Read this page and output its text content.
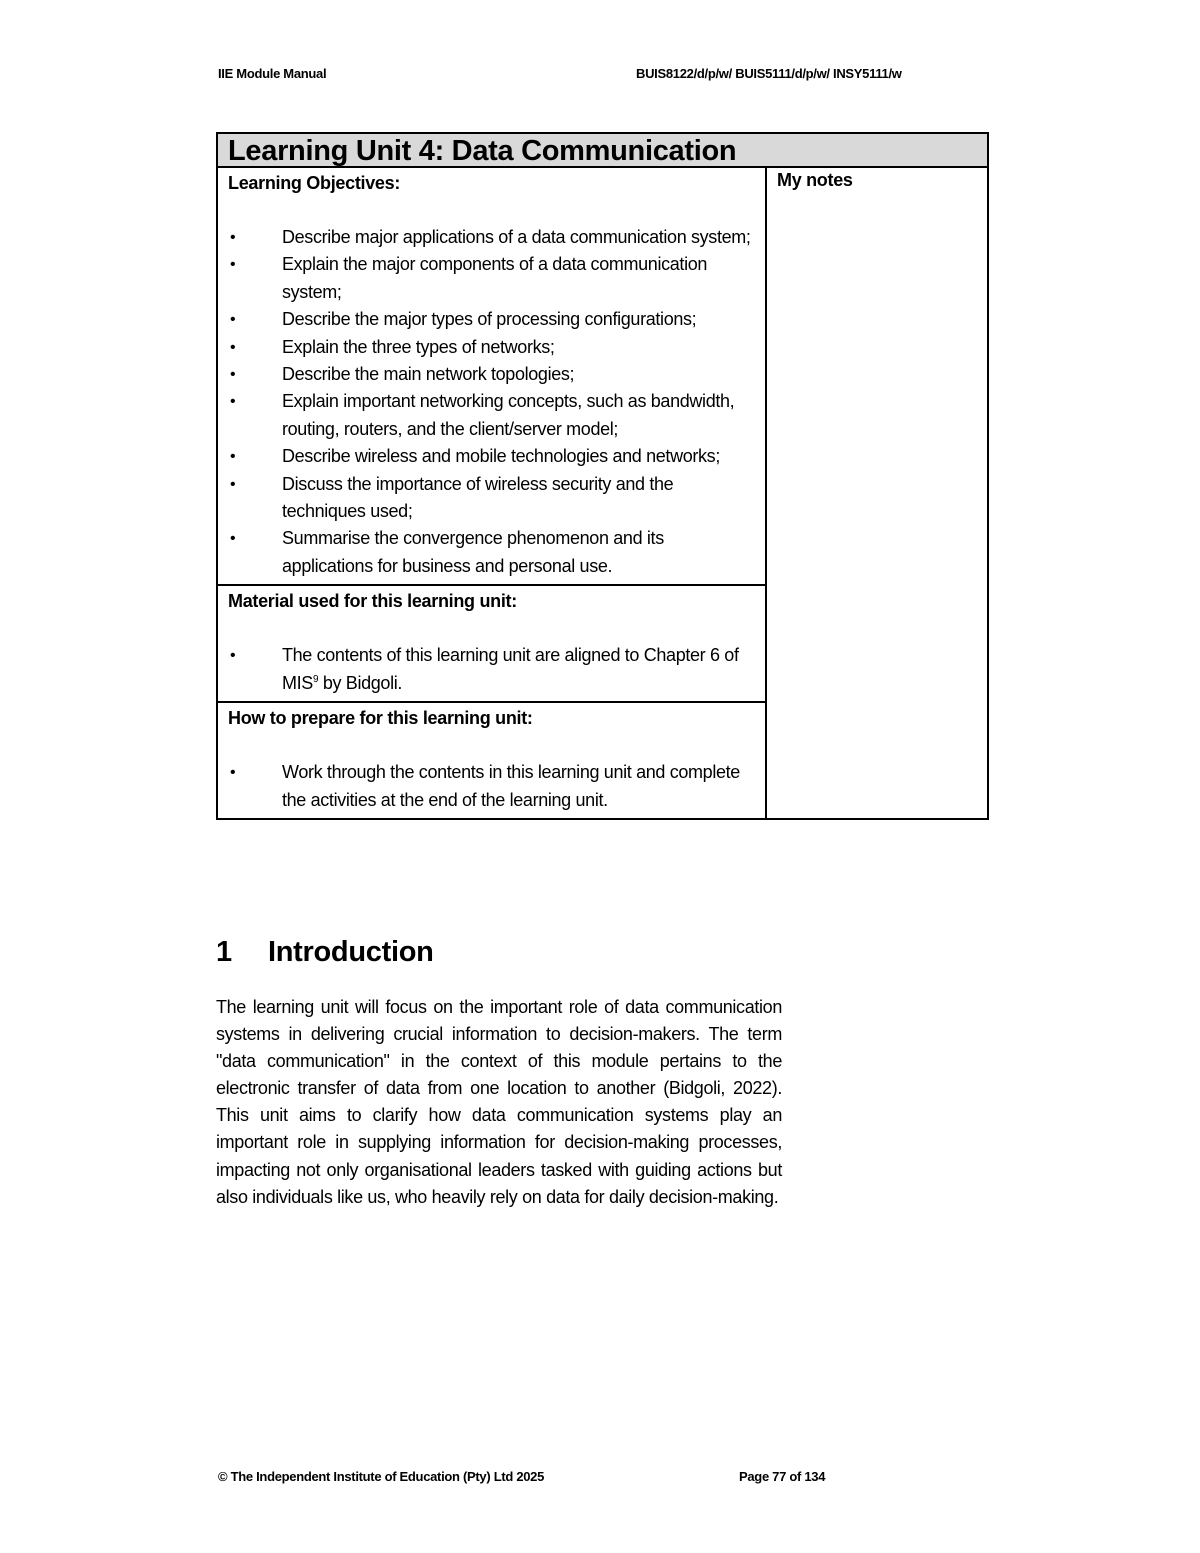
IIE Module Manual	BUIS8122/d/p/w/ BUIS5111/d/p/w/ INSY5111/w
Learning Unit 4: Data Communication
Learning Objectives:
•	Describe major applications of a data communication system;
•	Explain the major components of a data communication system;
•	Describe the major types of processing configurations;
•	Explain the three types of networks;
•	Describe the main network topologies;
•	Explain important networking concepts, such as bandwidth, routing, routers, and the client/server model;
•	Describe wireless and mobile technologies and networks;
•	Discuss the importance of wireless security and the techniques used;
•	Summarise the convergence phenomenon and its applications for business and personal use.
Material used for this learning unit:
•	The contents of this learning unit are aligned to Chapter 6 of MIS$^9$ by Bidgoli.
How to prepare for this learning unit:
•	Work through the contents in this learning unit and complete the activities at the end of the learning unit.
My notes
1 Introduction
The learning unit will focus on the important role of data communication systems in delivering crucial information to decision-makers. The term "data communication" in the context of this module pertains to the electronic transfer of data from one location to another (Bidgoli, 2022). This unit aims to clarify how data communication systems play an important role in supplying information for decision-making processes, impacting not only organisational leaders tasked with guiding actions but also individuals like us, who heavily rely on data for daily decision-making.
© The Independent Institute of Education (Pty) Ltd 2025	Page 77 of 134
